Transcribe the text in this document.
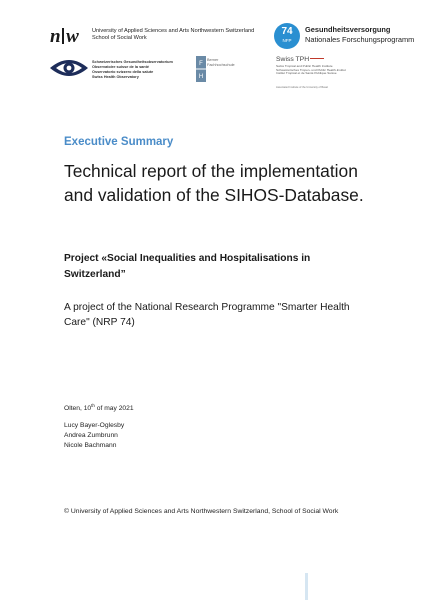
n w University of Applied Sciences and Arts Northwestern Switzerland
School of Social Work
74
NFP
Gesundheitsversorgung
Nationales Forschungsprogramm
Schweizerisches Gesundheitsobservatorium
Observatoire suisse de la santé
Osservatorio svizzero della salute
Swiss Health Observatory
F
H
Berner
Fachhochschule
Swiss TPH
Swiss Tropical and Public Health Institute
Schweizerisches Tropen- und Public Health-Institut
Institut Tropical et de Santé Publique Suisse
Associated Institute of the University of Basel
Executive Summary
Technical report of the implementation and validation of the SIHOS-Database.
Project «Social Inequalities and Hospitalisations in Switzerland”
A project of the National Research Programme "Smarter Health Care" (NRP 74)
Olten, 10th of may 2021
Lucy Bayer-Oglesby
Andrea Zumbrunn
Nicole Bachmann
© University of Applied Sciences and Arts Northwestern Switzerland, School of Social Work
